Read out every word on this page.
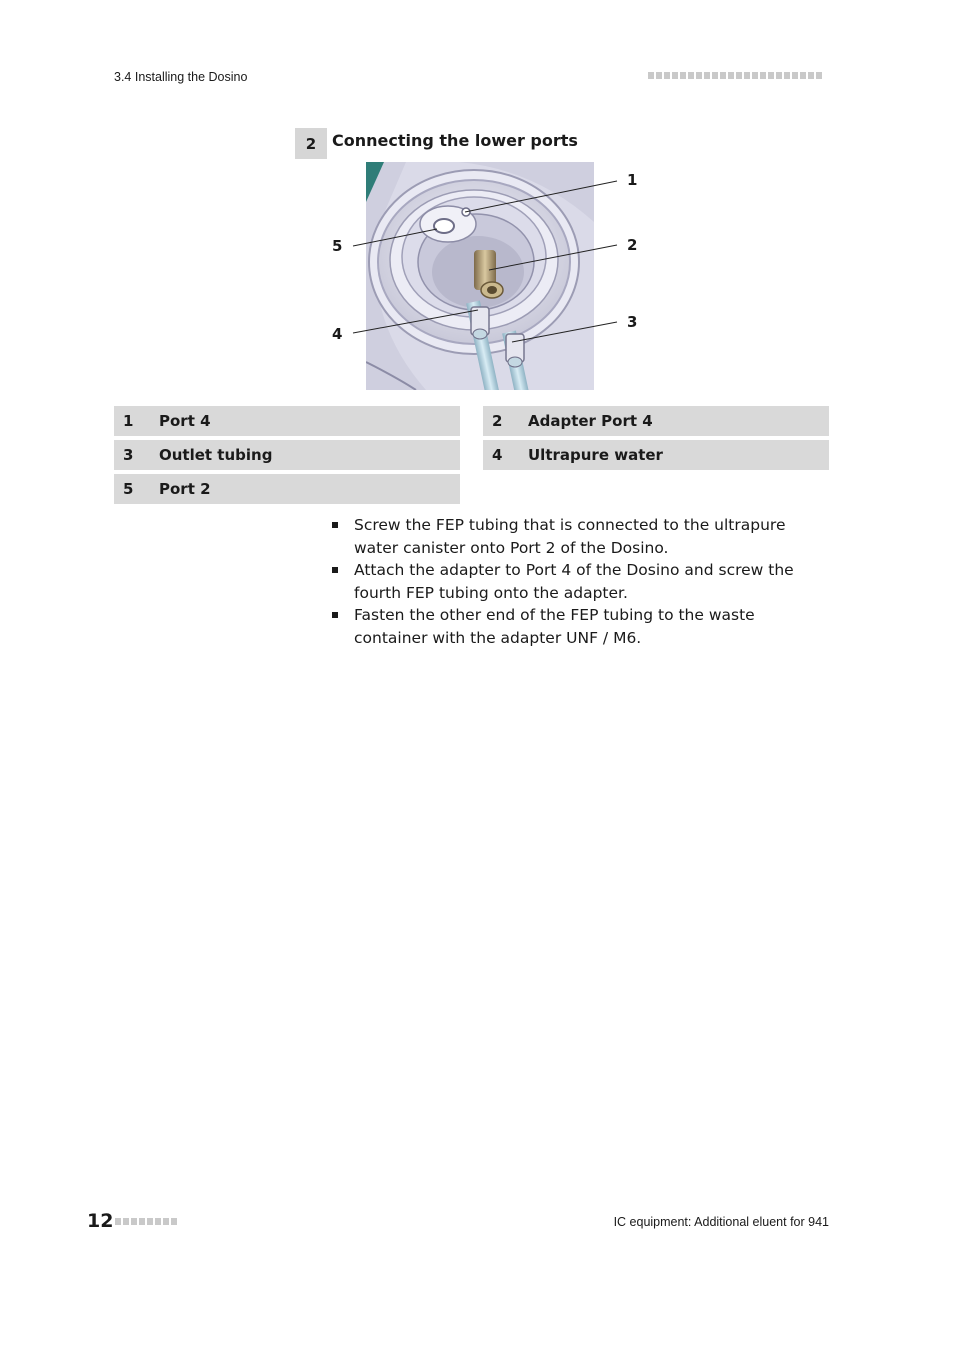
3.4 Installing the Dosino
2 Connecting the lower ports
1
2
3
4
5
1	Port 4	2	Adapter Port 4
3	Outlet tubing	4	Ultrapure water
5	Port 2
Screw the FEP tubing that is connected to the ultrapure water canister onto Port 2 of the Dosino.
Attach the adapter to Port 4 of the Dosino and screw the fourth FEP tubing onto the adapter.
Fasten the other end of the FEP tubing to the waste container with the adapter UNF / M6.
12	IC equipment: Additional eluent for 941
